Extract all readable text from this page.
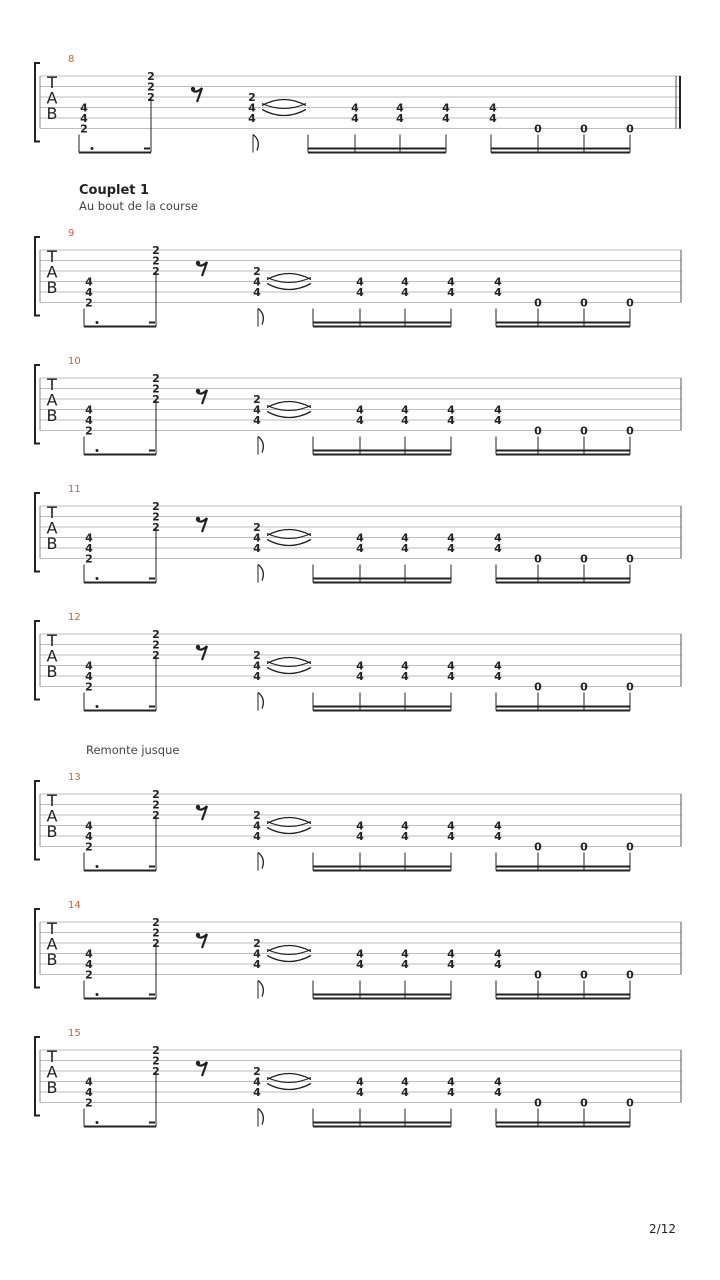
Couplet 1
Au bout de la course
Remonte jusque
T
A
B
8
4
4
2
2
2
2	2
4
4
4
4
4
4
4
4
4
4
0	0	0
T
A
B
9
4
4
2
2
2
2	2
4
4
4
4
4
4
4
4
4
4
0	0	0
T
A
B
10
4
4
2
2
2
2	2
4
4
4
4
4
4
4
4
4
4
0	0	0
T
A
B
11
4
4
2
2
2
2	2
4
4
4
4
4
4
4
4
4
4
0	0	0
T
A
B
12
4
4
2
2
2
2	2
4
4
4
4
4
4
4
4
4
4
0	0	0
T
A
B
13
4
4
2
2
2
2	2
4
4
4
4
4
4
4
4
4
4
0	0	0
T
A
B
14
4
4
2
2
2
2	2
4
4
4
4
4
4
4
4
4
4
0	0	0
T
A
B
15
4
4
2
2
2
2	2
4
4
4
4
4
4
4
4
4
4
0	0	0
2/12
